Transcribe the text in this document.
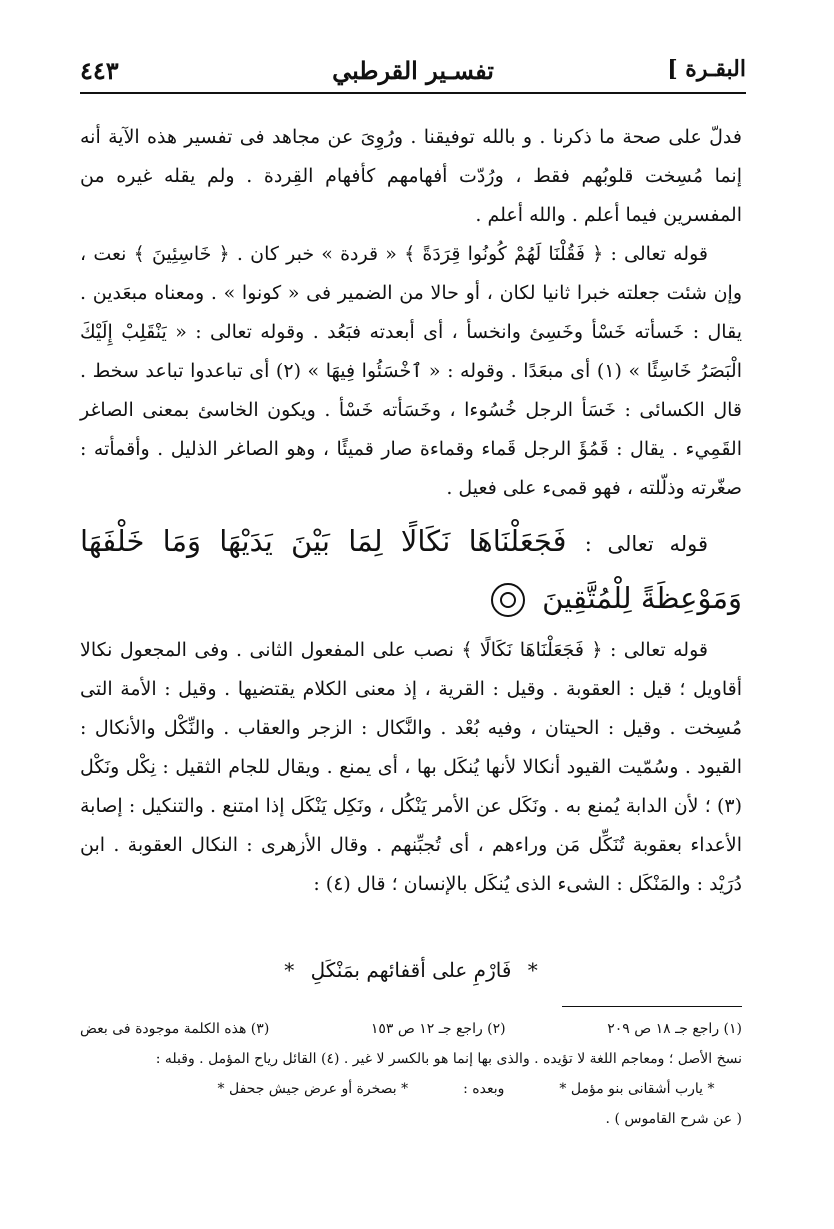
البقـرة ]
تفسـير القرطبي
٤٤٣

فدلّ على صحة ما ذكرنا . و بالله توفيقنا . ورُوِىَ عن مجاهد فى تفسير هذه الآية أنه إنما مُسِخت قلوبُهم فقط ، ورُدّت أفهامهم كأفهام القِردة . ولم يقله غيره من المفسرين فيما أعلم . والله أعلم .

قوله تعالى : ﴿ فَقُلْنَا لَهُمْ كُونُوا قِرَدَةً ﴾ « قردة » خبر كان . ﴿ خَاسِئِينَ ﴾ نعت ، وإن شئت جعلته خبرا ثانيا لكان ، أو حالا من الضمير فى « كونوا » . ومعناه مبعَدين . يقال : خَسأته خَسْأ وخَسِئ وانخسأ ، أى أبعدته فبَعُد . وقوله تعالى : « يَنْقَلِبْ إِلَيْكَ الْبَصَرُ خَاسِئًا » (١) أى مبعَدًا . وقوله : « ٱخْسَئُوا فِيهَا » (٢) أى تباعدوا تباعد سخط . قال الكسائى : خَسَأ الرجل خُسُوءا ، وخَسَأته خَسْأ . ويكون الخاسئ بمعنى الصاغر القَمِيء . يقال : قَمُؤَ الرجل قَماء وقماءة صار قميئًا ، وهو الصاغر الذليل . وأقمأته : صغّرته وذلّلته ، فهو قمىء على فعيل .

قوله تعالى : فَجَعَلْنَاهَا نَكَالًا لِمَا بَيْنَ يَدَيْهَا وَمَا خَلْفَهَا وَمَوْعِظَةً لِلْمُتَّقِينَ

قوله تعالى : ﴿ فَجَعَلْنَاهَا نَكَالًا ﴾ نصب على المفعول الثانى . وفى المجعول نكالا أقاويل ؛ قيل : العقوبة . وقيل : القرية ، إذ معنى الكلام يقتضيها . وقيل : الأمة التى مُسِخت . وقيل : الحيتان ، وفيه بُعْد . والنَّكال : الزجر والعقاب . والنِّكْل والأنكال : القيود . وسُمّيت القيود أنكالا لأنها يُنكَل بها ، أى يمنع . ويقال للجام الثقيل : نِكْل ونَكْل (٣) ؛ لأن الدابة يُمنع به . ونَكَل عن الأمر يَنْكُل ، ونَكِل يَنْكَل إذا امتنع . والتنكيل : إصابة الأعداء بعقوبة تُنَكِّل مَن وراءهم ، أى تُجبِّنهم . وقال الأزهرى : النكال العقوبة . ابن دُرَيْد : والمَنْكَل : الشىء الذى يُنكَل بالإنسان ؛ قال (٤) :

* فَارْمِ على أقفائهم بمَنْكَلِ *
(١) راجع جـ ١٨ ص ٢٠٩
(٢) راجع جـ ١٢ ص ١٥٣
(٣) هذه الكلمة موجودة فى بعض

نسخ الأصل ؛ ومعاجم اللغة لا تؤيده . والذى بها إنما هو بالكسر لا غير . (٤) القائل رياح المؤمل . وقبله :

* يارب أشقانى بنو مؤمل *
وبعده :
* بصخرة أو عرض جيش جحفل *

( عن شرح القاموس ) .
